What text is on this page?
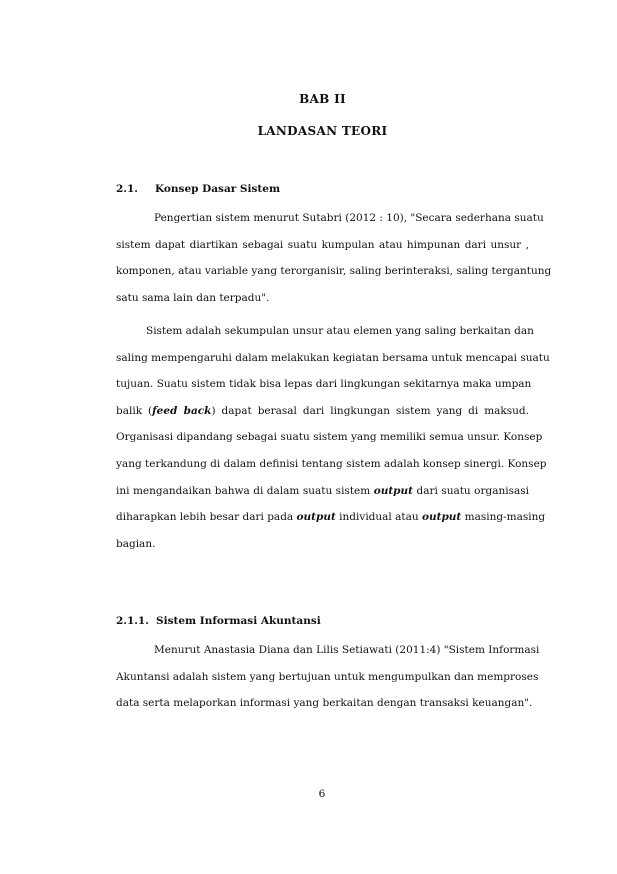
BAB II
LANDASAN TEORI
2.1. Konsep Dasar Sistem
Pengertian sistem menurut Sutabri (2012 : 10), "Secara sederhana suatu
sistem dapat diartikan sebagai suatu kumpulan atau himpunan dari unsur ,
komponen, atau variable yang terorganisir, saling berinteraksi, saling tergantung
satu sama lain dan terpadu".
Sistem adalah sekumpulan unsur atau elemen yang saling berkaitan dan
saling mempengaruhi dalam melakukan kegiatan bersama untuk mencapai suatu
tujuan. Suatu sistem tidak bisa lepas dari lingkungan sekitarnya maka umpan
balik (feed back) dapat berasal dari lingkungan sistem yang di maksud.
Organisasi dipandang sebagai suatu sistem yang memiliki semua unsur. Konsep
yang terkandung di dalam definisi tentang sistem adalah konsep sinergi. Konsep
ini mengandaikan bahwa di dalam suatu sistem output dari suatu organisasi
diharapkan lebih besar dari pada output individual atau output masing-masing
bagian.
2.1.1. Sistem Informasi Akuntansi
Menurut Anastasia Diana dan Lilis Setiawati (2011:4) "Sistem Informasi
Akuntansi adalah sistem yang bertujuan untuk mengumpulkan dan memproses
data serta melaporkan informasi yang berkaitan dengan transaksi keuangan".
6
